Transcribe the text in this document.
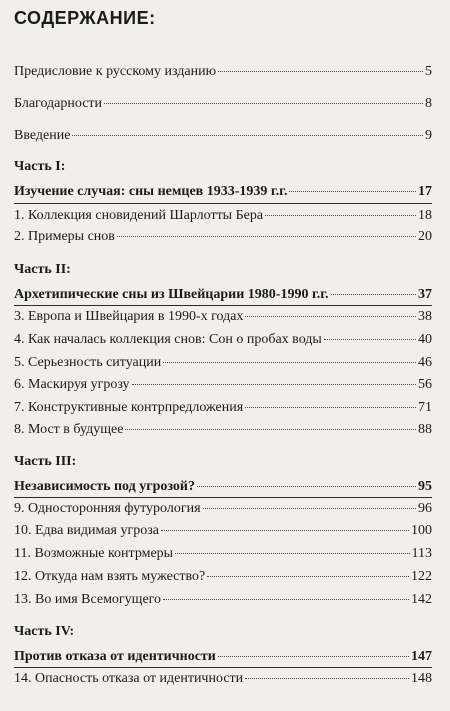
СОДЕРЖАНИЕ:
Предисловие к русскому изданию	5
Благодарности	8
Введение	9
Часть I:
Изучение случая: сны немцев 1933-1939 г.г.	17
1. Коллекция сновидений Шарлотты Бера	18
2. Примеры снов	20
Часть II:
Архетипические сны из Швейцарии 1980-1990 г.г.	37
3. Европа и Швейцария в 1990-х годах	38
4. Как началась коллекция снов: Сон о пробах воды	40
5. Серьезность ситуации	46
6. Маскируя угрозу	56
7. Конструктивные контрпредложения	71
8. Мост в будущее	88
Часть III:
Независимость под угрозой?	95
9. Односторонняя футурология	96
10. Едва видимая угроза	100
11. Возможные контрмеры	113
12. Откуда нам взять мужество?	122
13. Во имя Всемогущего	142
Часть IV:
Против отказа от идентичности	147
14. Опасность отказа от идентичности	148
